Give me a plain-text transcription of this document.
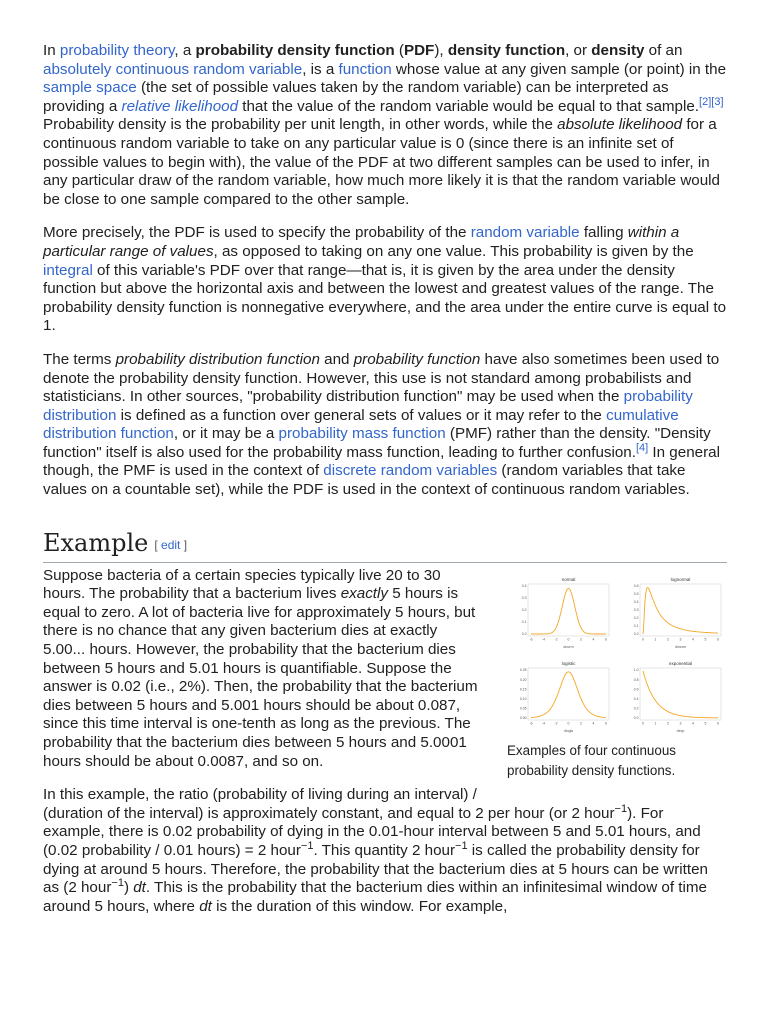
In probability theory, a probability density function (PDF), density function, or density of an absolutely continuous random variable, is a function whose value at any given sample (or point) in the sample space (the set of possible values taken by the random variable) can be interpreted as providing a relative likelihood that the value of the random variable would be equal to that sample.[2][3] Probability density is the probability per unit length, in other words, while the absolute likelihood for a continuous random variable to take on any particular value is 0 (since there is an infinite set of possible values to begin with), the value of the PDF at two different samples can be used to infer, in any particular draw of the random variable, how much more likely it is that the random variable would be close to one sample compared to the other sample.

More precisely, the PDF is used to specify the probability of the random variable falling within a particular range of values, as opposed to taking on any one value. This probability is given by the integral of this variable's PDF over that range—that is, it is given by the area under the density function but above the horizontal axis and between the lowest and greatest values of the range. The probability density function is nonnegative everywhere, and the area under the entire curve is equal to 1.

The terms probability distribution function and probability function have also sometimes been used to denote the probability density function. However, this use is not standard among probabilists and statisticians. In other sources, "probability distribution function" may be used when the probability distribution is defined as a function over general sets of values or it may refer to the cumulative distribution function, or it may be a probability mass function (PMF) rather than the density. "Density function" itself is also used for the probability mass function, leading to further confusion.[4] In general though, the PMF is used in the context of discrete random variables (random variables that take values on a countable set), while the PDF is used in the context of continuous random variables.

Example [ edit ]
normal
dnorm
0.4
0.3
0.2
0.1
0.0
-6	-4	-2	0	2	4	6
lognormal
dlnorm
0.6
0.5
0.4
0.3
0.2
0.1
0.0
0	1	2	3	4	5	6
logistic
dlogis
0.25
0.20
0.15
0.10
0.05
0.00
-6	-4	-2	0	2	4	6
exponential
dexp
1.0
0.8
0.6
0.4
0.2
0.0
0	1	2	3	4	5	6
Examples of four continuous probability density functions.

Suppose bacteria of a certain species typically live 20 to 30 hours. The probability that a bacterium lives exactly 5 hours is equal to zero. A lot of bacteria live for approximately 5 hours, but there is no chance that any given bacterium dies at exactly 5.00... hours. However, the probability that the bacterium dies between 5 hours and 5.01 hours is quantifiable. Suppose the answer is 0.02 (i.e., 2%). Then, the probability that the bacterium dies between 5 hours and 5.001 hours should be about 0.087, since this time interval is one-tenth as long as the previous. The probability that the bacterium dies between 5 hours and 5.0001 hours should be about 0.0087, and so on.

In this example, the ratio (probability of living during an interval) / (duration of the interval) is approximately constant, and equal to 2 per hour (or 2 hour$^{-1}$). For example, there is 0.02 probability of dying in the 0.01-hour interval between 5 and 5.01 hours, and (0.02 probability / 0.01 hours) = 2 hour$^{-1}$. This quantity 2 hour$^{-1}$ is called the probability density for dying at around 5 hours. Therefore, the probability that the bacterium dies at 5 hours can be written as (2 hour$^{-1}$) dt. This is the probability that the bacterium dies within an infinitesimal window of time around 5 hours, where dt is the duration of this window. For example,
